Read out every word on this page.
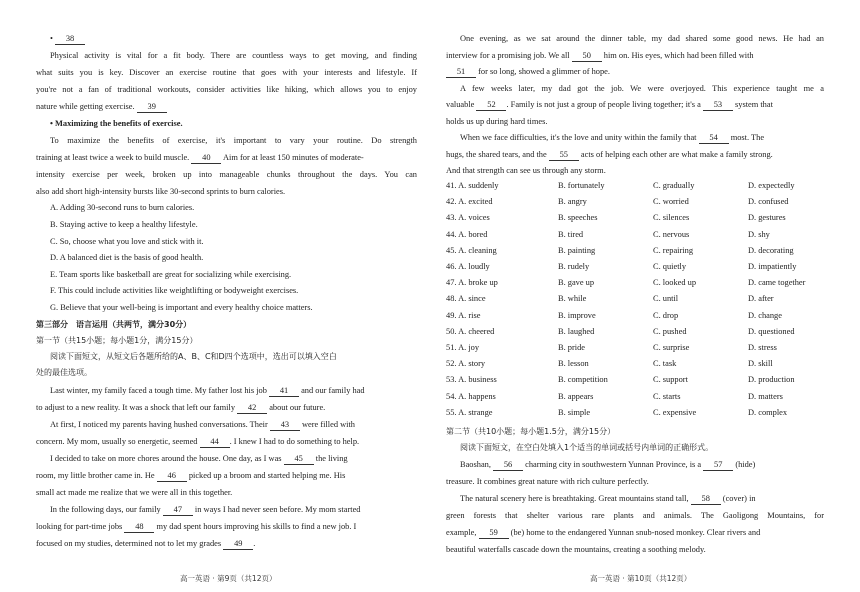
• 38
Physical activity is vital for a fit body. There are countless ways to get moving, and finding
what suits you is key. Discover an exercise routine that goes with your interests and lifestyle. If
you're not a fan of traditional workouts, consider activities like hiking, which allows you to enjoy
nature while getting exercise. 39
• Maximizing the benefits of exercise.
To maximize the benefits of exercise, it's important to vary your routine. Do strength
training at least twice a week to build muscle. 40 Aim for at least 150 minutes of moderate-
intensity exercise per week, broken up into manageable chunks throughout the days. You can
also add short high-intensity bursts like 30-second sprints to burn calories.
A. Adding 30-second runs to burn calories.
B. Staying active to keep a healthy lifestyle.
C. So, choose what you love and stick with it.
D. A balanced diet is the basis of good health.
E. Team sports like basketball are great for socializing while exercising.
F. This could include activities like weightlifting or bodyweight exercises.
G. Believe that your well-being is important and every healthy choice matters.
第三部分　语言运用（共两节，满分30分）
第一节（共15小题；每小题1分，满分15分）
阅读下面短文，从短文后各题所给的A、B、C和D四个选项中，选出可以填入空白
处的最佳选项。
Last winter, my family faced a tough time. My father lost his job 41 and our family had
to adjust to a new reality. It was a shock that left our family 42 about our future.
At first, I noticed my parents having hushed conversations. Their 43 were filled with
concern. My mom, usually so energetic, seemed 44 . I knew I had to do something to help.
I decided to take on more chores around the house. One day, as I was 45 the living
room, my little brother came in. He 46 picked up a broom and started helping me. His
small act made me realize that we were all in this together.
In the following days, our family 47 in ways I had never seen before. My mom started
looking for part-time jobs 48 my dad spent hours improving his skills to find a new job. I
focused on my studies, determined not to let my grades 49 .
高一英语 · 第9页（共12页）
One evening, as we sat around the dinner table, my dad shared some good news. He had an
interview for a promising job. We all 50 him on. His eyes, which had been filled with
51 for so long, showed a glimmer of hope.
A few weeks later, my dad got the job. We were overjoyed. This experience taught me a
valuable 52 . Family is not just a group of people living together; it's a 53 system that
holds us up during hard times.
When we face difficulties, it's the love and unity within the family that 54 most. The
hugs, the shared tears, and the 55 acts of helping each other are what make a family strong.
And that strength can see us through any storm.
41. A. suddenly	B. fortunately	C. gradually	D. expectedly
42. A. excited	B. angry	C. worried	D. confused
43. A. voices	B. speeches	C. silences	D. gestures
44. A. bored	B. tired	C. nervous	D. shy
45. A. cleaning	B. painting	C. repairing	D. decorating
46. A. loudly	B. rudely	C. quietly	D. impatiently
47. A. broke up	B. gave up	C. looked up	D. came together
48. A. since	B. while	C. until	D. after
49. A. rise	B. improve	C. drop	D. change
50. A. cheered	B. laughed	C. pushed	D. questioned
51. A. joy	B. pride	C. surprise	D. stress
52. A. story	B. lesson	C. task	D. skill
53. A. business	B. competition	C. support	D. production
54. A. happens	B. appears	C. starts	D. matters
55. A. strange	B. simple	C. expensive	D. complex
第二节（共10小题；每小题1.5分，满分15分）
阅读下面短文，在空白处填入1个适当的单词或括号内单词的正确形式。
Baoshan, 56 charming city in southwestern Yunnan Province, is a 57 (hide)
treasure. It combines great nature with rich culture perfectly.
The natural scenery here is breathtaking. Great mountains stand tall, 58 (cover) in
green forests that shelter various rare plants and animals. The Gaoligong Mountains, for
example, 59 (be) home to the endangered Yunnan snub-nosed monkey. Clear rivers and
beautiful waterfalls cascade down the mountains, creating a soothing melody.
高一英语 · 第10页（共12页）
